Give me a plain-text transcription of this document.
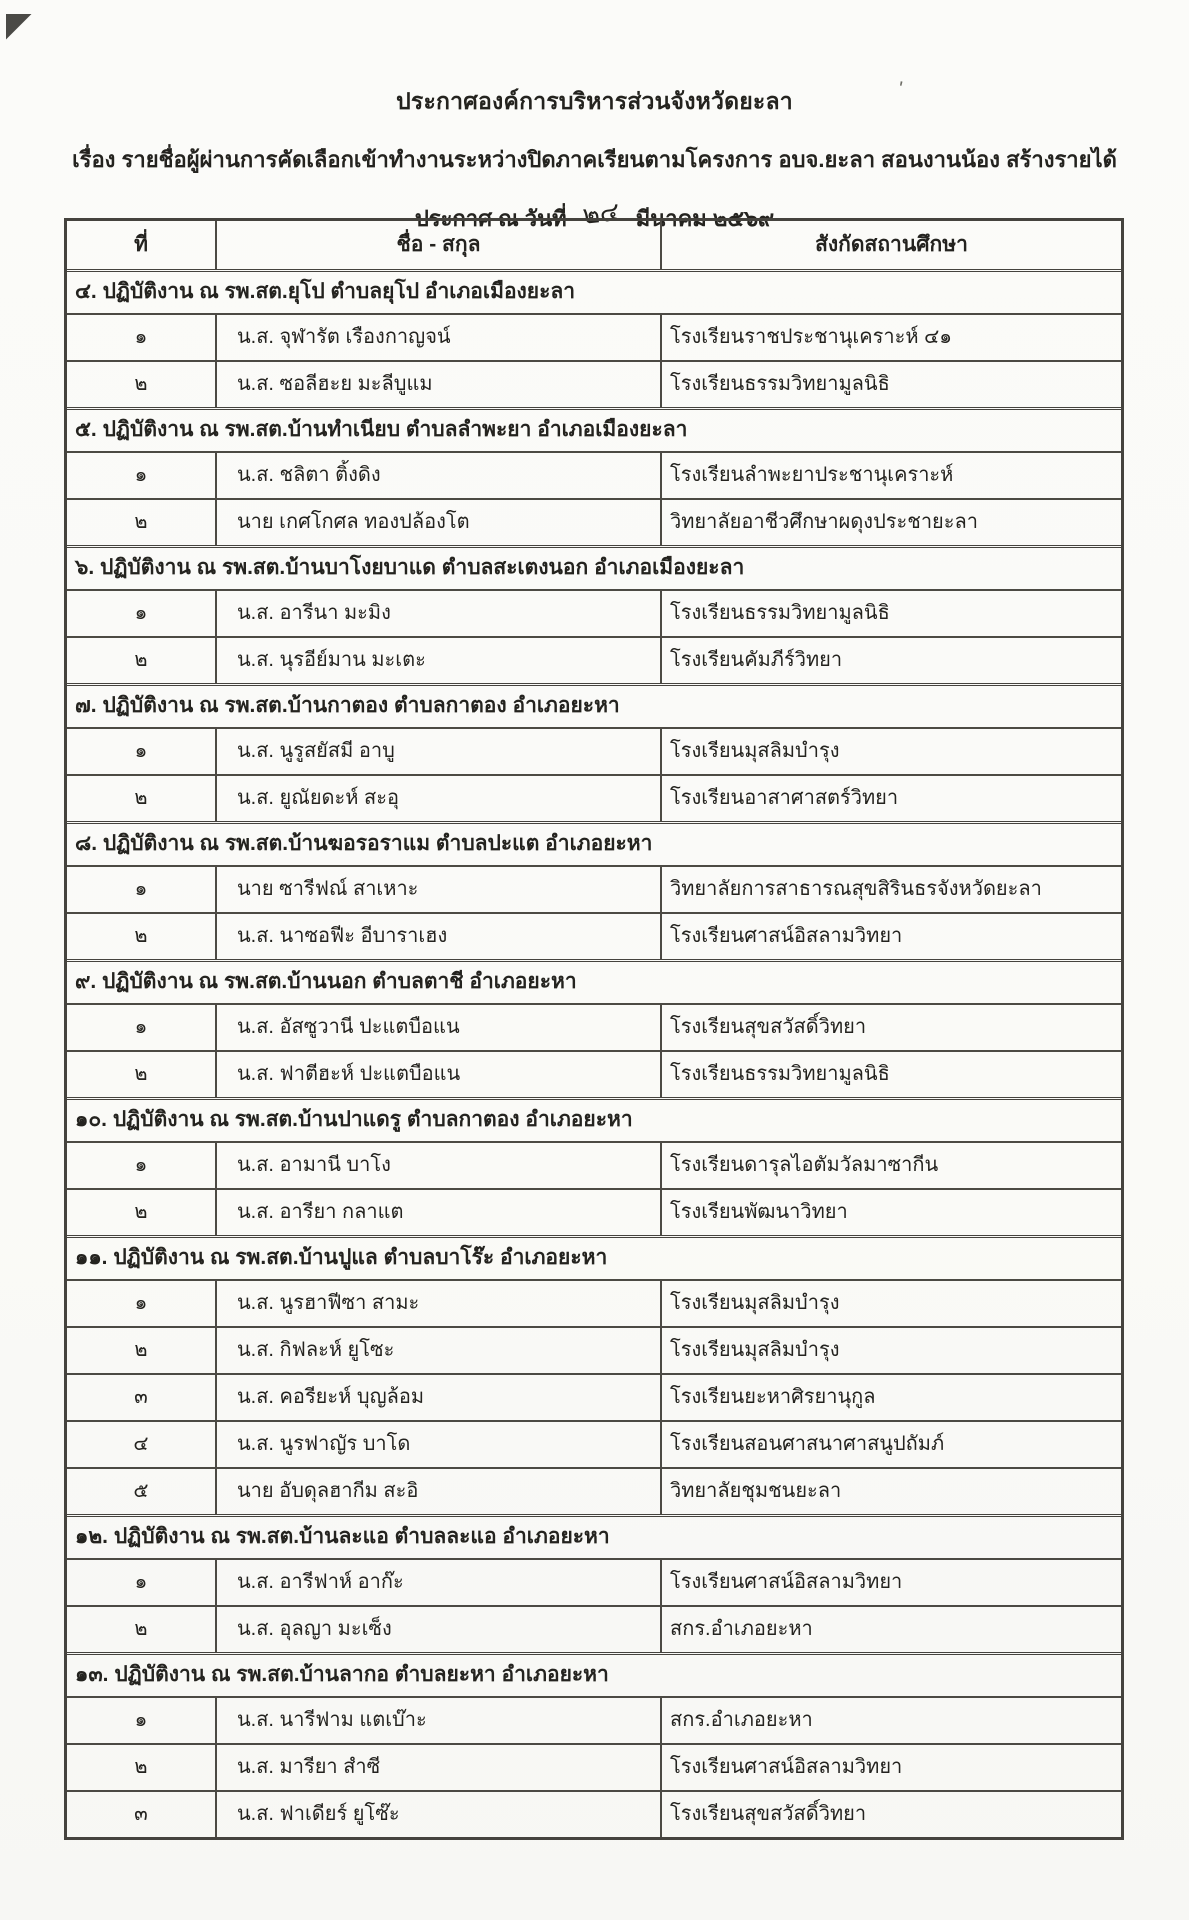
'
ประกาศองค์การบริหารส่วนจังหวัดยะลา
เรื่อง รายชื่อผู้ผ่านการคัดเลือกเข้าทำงานระหว่างปิดภาคเรียนตามโครงการ อบจ.ยะลา สอนงานน้อง สร้างรายได้
ประกาศ ณ วันที่ ๒๔ มีนาคม ๒๕๖๙
ที่	ชื่อ - สกุล	สังกัดสถานศึกษา
๔. ปฏิบัติงาน ณ รพ.สต.ยุโป ตำบลยุโป อำเภอเมืองยะลา
๑	น.ส. จุฬารัต เรืองกาญจน์	โรงเรียนราชประชานุเคราะห์ ๔๑
๒	น.ส. ซอลีฮะย มะลีบูแม	โรงเรียนธรรมวิทยามูลนิธิ
๕. ปฏิบัติงาน ณ รพ.สต.บ้านทำเนียบ ตำบลลำพะยา อำเภอเมืองยะลา
๑	น.ส. ชลิตา ติ้งดิง	โรงเรียนลำพะยาประชานุเคราะห์
๒	นาย เกศโกศล ทองปล้องโต	วิทยาลัยอาชีวศึกษาผดุงประชายะลา
๖. ปฏิบัติงาน ณ รพ.สต.บ้านบาโงยบาแด ตำบลสะเตงนอก อำเภอเมืองยะลา
๑	น.ส. อารีนา มะมิง	โรงเรียนธรรมวิทยามูลนิธิ
๒	น.ส. นุรอีย์มาน มะเตะ	โรงเรียนคัมภีร์วิทยา
๗. ปฏิบัติงาน ณ รพ.สต.บ้านกาตอง ตำบลกาตอง อำเภอยะหา
๑	น.ส. นูรูสยัสมี อาบู	โรงเรียนมุสลิมบำรุง
๒	น.ส. ยูณัยดะห์ สะอุ	โรงเรียนอาสาศาสตร์วิทยา
๘. ปฏิบัติงาน ณ รพ.สต.บ้านฆอรอราแม ตำบลปะแต อำเภอยะหา
๑	นาย ซารีฟณ์ สาเหาะ	วิทยาลัยการสาธารณสุขสิรินธรจังหวัดยะลา
๒	น.ส. นาซอฟีะ อีบาราเฮง	โรงเรียนศาสน์อิสลามวิทยา
๙. ปฏิบัติงาน ณ รพ.สต.บ้านนอก ตำบลตาชี อำเภอยะหา
๑	น.ส. อัสซูวานี ปะแตบือแน	โรงเรียนสุขสวัสดิ์วิทยา
๒	น.ส. ฟาตีฮะห์ ปะแตบือแน	โรงเรียนธรรมวิทยามูลนิธิ
๑๐. ปฏิบัติงาน ณ รพ.สต.บ้านปาแดรู ตำบลกาตอง อำเภอยะหา
๑	น.ส. อามานี บาโง	โรงเรียนดารุลไอตัมวัลมาซากีน
๒	น.ส. อารียา กลาแต	โรงเรียนพัฒนาวิทยา
๑๑. ปฏิบัติงาน ณ รพ.สต.บ้านปูแล ตำบลบาโร๊ะ อำเภอยะหา
๑	น.ส. นูรฮาฟีซา สามะ	โรงเรียนมุสลิมบำรุง
๒	น.ส. กิฟละห์ ยูโซะ	โรงเรียนมุสลิมบำรุง
๓	น.ส. คอรียะห์ บุญล้อม	โรงเรียนยะหาศิรยานุกูล
๔	น.ส. นูรฟาญัร บาโด	โรงเรียนสอนศาสนาศาสนูปถัมภ์
๕	นาย อับดุลฮากีม สะอิ	วิทยาลัยชุมชนยะลา
๑๒. ปฏิบัติงาน ณ รพ.สต.บ้านละแอ ตำบลละแอ อำเภอยะหา
๑	น.ส. อารีฟาห์ อาก๊ะ	โรงเรียนศาสน์อิสลามวิทยา
๒	น.ส. อุลญา มะเซ็ง	สกร.อำเภอยะหา
๑๓. ปฏิบัติงาน ณ รพ.สต.บ้านลากอ ตำบลยะหา อำเภอยะหา
๑	น.ส. นารีฟาม แตเบ๊าะ	สกร.อำเภอยะหา
๒	น.ส. มารียา สำซี	โรงเรียนศาสน์อิสลามวิทยา
๓	น.ส. ฟาเดียร์ ยูโซ๊ะ	โรงเรียนสุขสวัสดิ์วิทยา
